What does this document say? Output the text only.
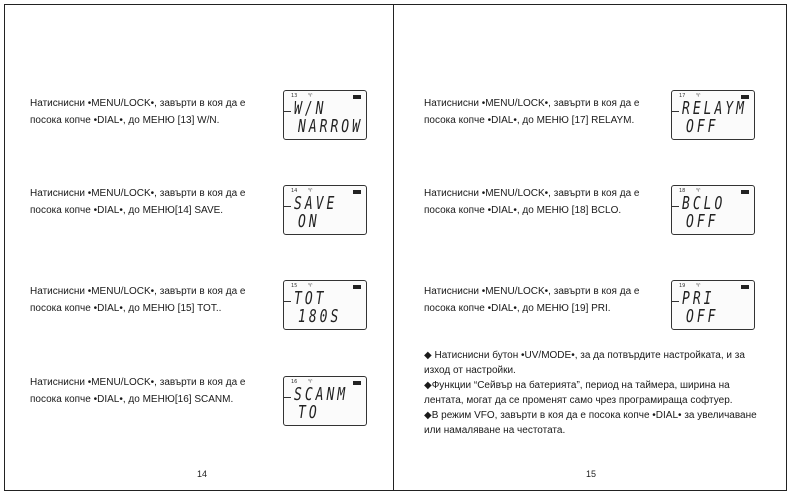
Натиснисни •MENU/LOCK•, завърти в коя да е
посока копче •DIAL•, до МЕНЮ [13] W/N.
13 ♈
W/N
NARROW
Натиснисни •MENU/LOCK•, завърти в коя да е
посока копче •DIAL•, до МЕНЮ[14] SAVE.
14 ♈
SAVE
ON
Натиснисни •MENU/LOCK•, завърти в коя да е
посока копче •DIAL•, до МЕНЮ [15] TOT..
15 ♈
TOT
180S
Натиснисни •MENU/LOCK•, завърти в коя да е
посока копче •DIAL•, до МЕНЮ[16] SCANM.
16 ♈
SCANM
TO
14
Натиснисни •MENU/LOCK•, завърти в коя да е
посока копче •DIAL•, до МЕНЮ [17] RELAYM.
17 ♈
RELAYM
OFF
Натиснисни •MENU/LOCK•, завърти в коя да е
посока копче •DIAL•, до МЕНЮ [18] BCLO.
18 ♈
BCLO
OFF
Натиснисни •MENU/LOCK•, завърти в коя да е
посока копче •DIAL•, до МЕНЮ [19] PRI.
19 ♈
PRI
OFF

◆ Натиснисни бутон •UV/MODE•, за да потвърдите настройката, и за изход от настройки.

◆Функции “Сейвър на батерията”, период на таймера, ширина на лентата, могат да се променят само чрез програмираща софтуер.

◆В режим VFO, завърти в коя да е посока копче •DIAL• за увеличаване или намаляване на честотата.

15
